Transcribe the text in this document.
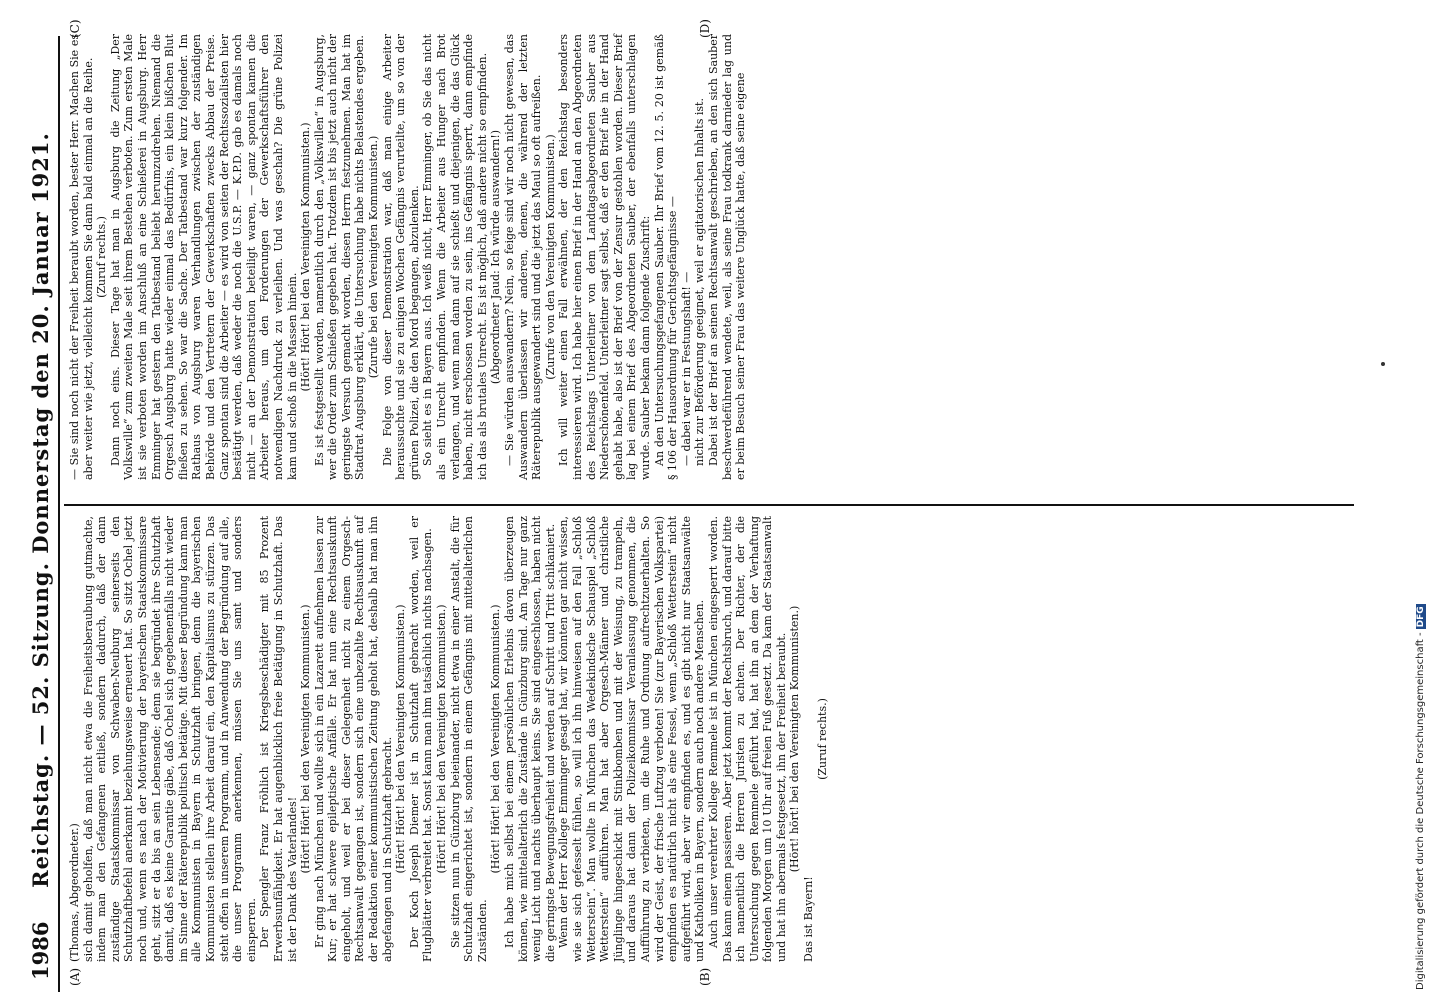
1986
Reichstag. — 52. Sitzung. Donnerstag den 20. Januar 1921.
(A)	(B)
(C)	(D)

(Thomas, Abgeordneter.) sich damit geholfen, daß man nicht etwa die Freiheitsberaubung gutmachte, indem man den Gefangenen entließ, sondern dadurch, daß der dann zuständige Staatskommissar von Schwaben-Neuburg seinerseits den Schutzhaftbefehl anerkannt beziehungsweise erneuert hat. So sitzt Ochel jetzt noch und, wenn es nach der Motivierung der bayerischen Staatskommissare geht, sitzt er da bis an sein Lebensende; denn sie begründet ihre Schutzhaft damit, daß es keine Garantie gäbe, daß Ochel sich gegebenenfalls nicht wieder im Sinne der Räterepublik politisch betätige. Mit dieser Begründung kann man alle Kommunisten in Bayern in Schutzhaft bringen, denn die bayerischen Kommunisten stellen ihre Arbeit darauf ein, den Kapitalismus zu stürzen. Das steht offen in unserem Programm, und in Anwendung der Begründung auf alle, die unser Programm anerkennen, müssen Sie uns samt und sonders einsperren. Der Spengler Franz Fröhlich ist Kriegsbeschädigter mit 85 Prozent Erwerbsunfähigkeit. Er hat augenblicklich freie Betätigung in Schutzhaft. Das ist der Dank des Vaterlandes!

(Hört! Hört! bei den Vereinigten Kommunisten.) Er ging nach München und wollte sich in ein Lazarett aufnehmen lassen zur Kur; er hat schwere epileptische Anfälle. Er hat nun eine Rechtsauskunft eingeholt, und weil er bei dieser Gelegenheit nicht zu einem Orgesch-Rechtsanwalt gegangen ist, sondern sich eine unbezahlte Rechtsauskunft auf der Redaktion einer kommunistischen Zeitung geholt hat, deshalb hat man ihn abgefangen und in Schutzhaft gebracht. (Hört! Hört! bei den Vereinigten Kommunisten.) Der Koch Joseph Diemer ist in Schutzhaft gebracht worden, weil er Flugblätter verbreitet hat. Sonst kann man ihm tatsächlich nichts nachsagen. (Hört! Hört! bei den Vereinigten Kommunisten.) Sie sitzen nun in Günzburg beieinander, nicht etwa in einer Anstalt, die für Schutzhaft eingerichtet ist, sondern in einem Gefängnis mit mittelalterlichen Zuständen.

(Hört! Hört! bei den Vereinigten Kommunisten.) Ich habe mich selbst bei einem persönlichen Erlebnis davon überzeugen können, wie mittelalterlich die Zustände in Günzburg sind. Am Tage nur ganz wenig Licht und nachts überhaupt keins. Sie sind eingeschlossen, haben nicht die geringste Bewegungsfreiheit und werden auf Schritt und Tritt schikaniert. Wenn der Herr Kollege Emminger gesagt hat, wir könnten gar nicht wissen, wie sie sich gefesselt fühlen, so will ich ihn hinweisen auf den Fall „Schloß Wetterstein“. Man wollte in München das Wedekindsche Schauspiel „Schloß Wetterstein“ aufführen. Man hat aber Orgesch-Männer und christliche Jünglinge hingeschickt mit Stinkbomben und mit der Weisung, zu trampeln, und daraus hat dann der Polizeikommissar Veranlassung genommen, die Aufführung zu verbieten, um die Ruhe und Ordnung aufrechtzuerhalten. So wird der Geist, der frische Luftzug verboten! Sie (zur Bayerischen Volkspartei) empfinden es natürlich nicht als eine Fessel, wenn „Schloß Wetterstein“ nicht aufgeführt wird, aber wir empfinden es, und es gibt nicht nur Staatsanwälte und Katholiken in Bayern, sondern auch noch andere Menschen. Auch unser verehrter Kollege Remmele ist in München eingesperrt worden. Das kann einem passieren. Aber jetzt kommt der Rechtsbruch, und darauf bitte ich namentlich die Herren Juristen zu achten. Der Richter, der die Untersuchung gegen Remmele geführt hat, hat ihn an dem der Verhaftung folgenden Morgen um 10 Uhr auf freien Fuß gesetzt. Da kam der Staatsanwalt und hat ihn abermals festgesetzt, ihn der Freiheit beraubt. (Hört! hört! bei den Vereinigten Kommunisten.)

Das ist Bayern!

(Zuruf rechts.)

— Sie sind noch nicht der Freiheit beraubt worden, bester Herr. Machen Sie es aber weiter wie jetzt, vielleicht kommen Sie dann bald einmal an die Reihe. (Zuruf rechts.) Dann noch eins. Dieser Tage hat man in Augsburg die Zeitung „Der Volkswille“ zum zweiten Male seit ihrem Bestehen verboten. Zum ersten Male ist sie verboten worden im Anschluß an eine Schießerei in Augsburg. Herr Emminger hat gestern den Tatbestand beliebt herumzudrehen. Niemand die Orgesch Augsburg hatte wieder einmal das Bedürfnis, ein klein bißchen Blut fließen zu sehen. So war die Sache. Der Tatbestand war kurz folgender. Im Rathaus von Augsburg waren Verhandlungen zwischen der zuständigen Behörde und den Vertretern der Gewerkschaften zwecks Abbau der Preise. Ganz spontan sind die Arbeiter — es wird von seiten der Rechtssozialisten hier bestätigt werden, daß weder die noch die U.S.P. — K.P.D. gab es damals noch nicht — an der Demonstration beteiligt waren, — ganz spontan kamen die Arbeiter heraus, um den Forderungen der Gewerkschaftsführer den notwendigen Nachdruck zu verleihen. Und was geschah? Die grüne Polizei kam und schoß in die Massen hinein. (Hört! Hört! bei den Vereinigten Kommunisten.) Es ist festgestellt worden, namentlich durch den „Volkswillen“ in Augsburg, wer die Order zum Schießen gegeben hat. Trotzdem ist bis jetzt auch nicht der geringste Versuch gemacht worden, diesen Herrn festzunehmen. Man hat im Stadtrat Augsburg erklärt, die Untersuchung habe nichts Belastendes ergeben. (Zurufe bei den Vereinigten Kommunisten.) Die Folge von dieser Demonstration war, daß man einige Arbeiter heraussuchte und sie zu einigen Wochen Gefängnis verurteilte, um so von der grünen Polizei, die den Mord begangen, abzulenken. So sieht es in Bayern aus. Ich weiß nicht, Herr Emminger, ob Sie das nicht als ein Unrecht empfinden. Wenn die Arbeiter aus Hunger nach Brot verlangen, und wenn man dann auf sie schießt und diejenigen, die das Glück haben, nicht erschossen worden zu sein, ins Gefängnis sperrt, dann empfinde ich das als brutales Unrecht. Es ist möglich, daß andere nicht so empfinden. (Abgeordneter Jaud: Ich würde auswandern!) — Sie würden auswandern? Nein, so feige sind wir noch nicht gewesen, das Auswandern überlassen wir anderen, denen, die während der letzten Räterepublik ausgewandert sind und die jetzt das Maul so oft aufreißen. (Zurufe von den Vereinigten Kommunisten.) Ich will weiter einen Fall erwähnen, der den Reichstag besonders interessieren wird. Ich habe hier einen Brief in der Hand an den Abgeordneten des Reichstags Unterleitner von dem Landtagsabgeordneten Sauber aus Niederschönenfeld. Unterleitner sagt selbst, daß er den Brief nie in der Hand gehabt habe, also ist der Brief von der Zensur gestohlen worden. Dieser Brief lag bei einem Brief des Abgeordneten Sauber, der ebenfalls unterschlagen wurde. Sauber bekam dann folgende Zuschrift: An den Untersuchungsgefangenen Sauber. Ihr Brief vom 12. 5. 20 ist gemäß § 106 der Hausordnung für Gerichtsgefängnisse — — dabei war er in Festungshaft! — nicht zur Beförderung geeignet, weil er agitatorischen Inhalts ist. Dabei ist der Brief an seinen Rechtsanwalt geschrieben, an den sich Sauber beschwerdeführend wendete, weil, als seine Frau todkrank darnieder lag und er beim Besuch seiner Frau das weitere Unglück hatte, daß seine eigene

Digitalisierung gefördert durch die Deutsche Forschungsgemeinschaft -DFG
